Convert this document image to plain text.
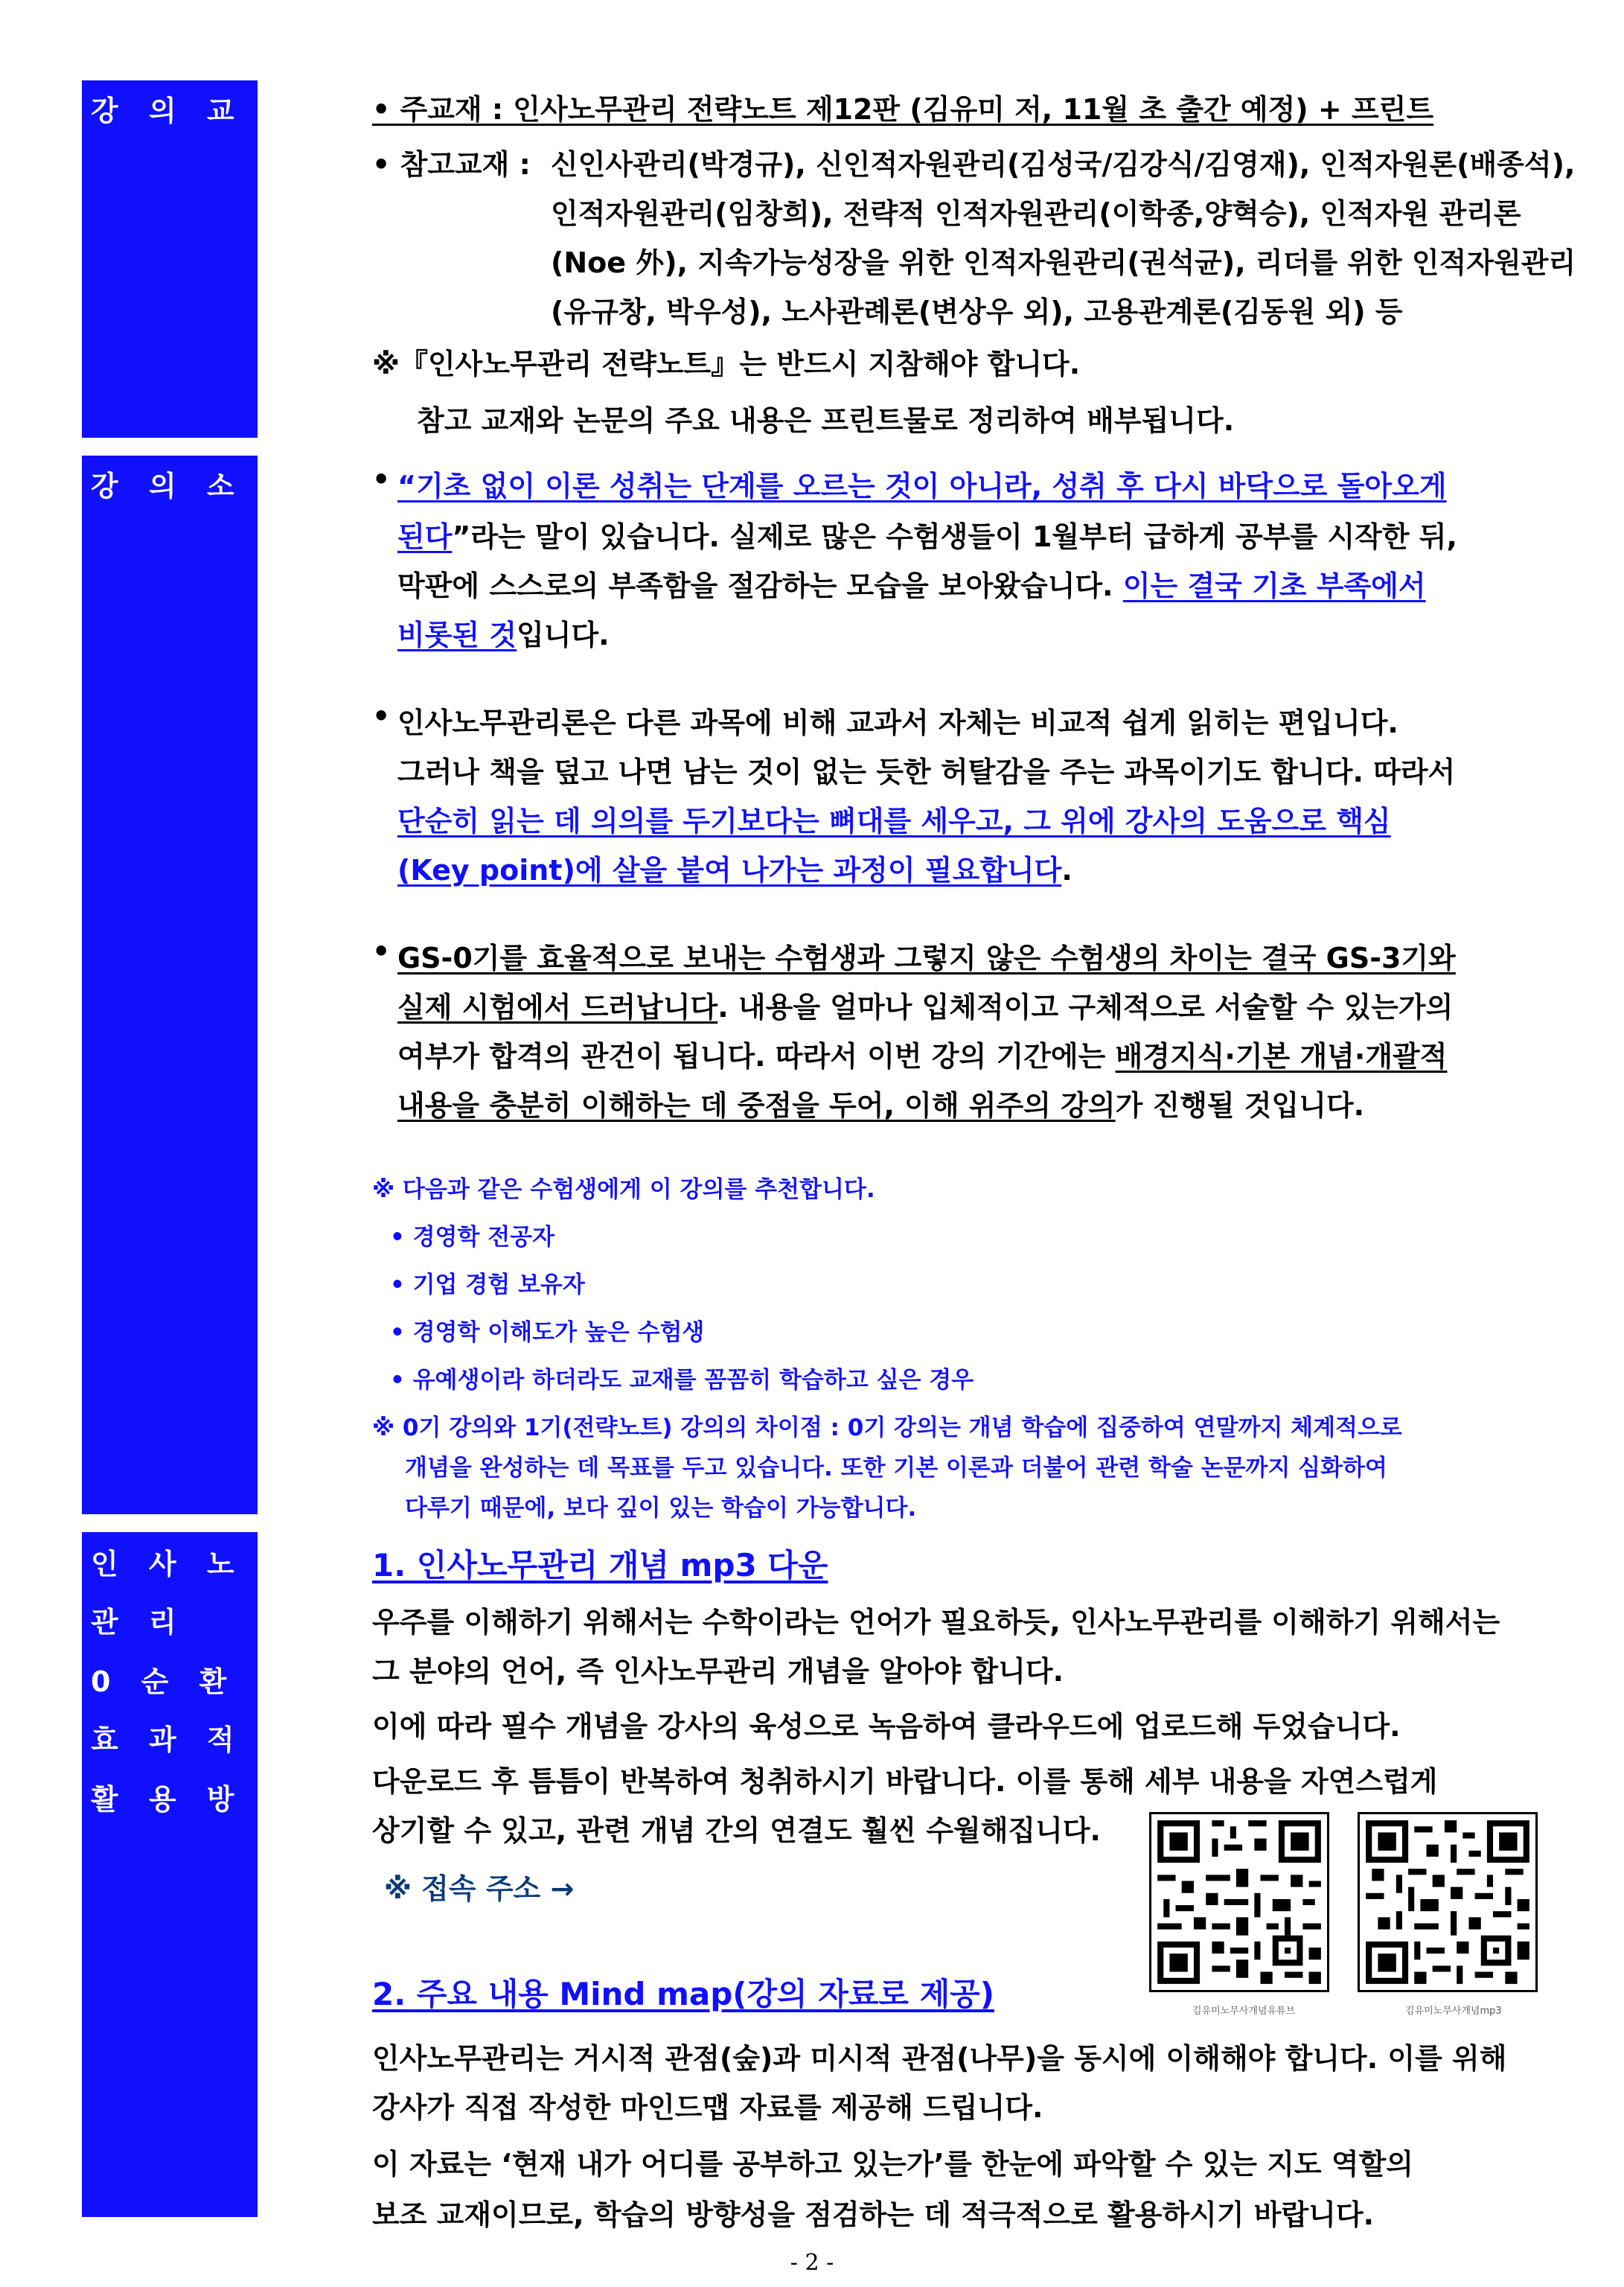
강 의 교 재
강 의 소 개
인 사 노 무
관 리
0 순 환 의
효 과 적 인
활 용 방 법
• 주교재 : 인사노무관리 전략노트 제12판 (김유미 저, 11월 초 출간 예정) + 프린트
• 참고교재 : 신인사관리(박경규), 신인적자원관리(김성국/김강식/김영재), 인적자원론(배종석),
인적자원관리(임창희), 전략적 인적자원관리(이학종,양혁승), 인적자원 관리론
(Noe 外), 지속가능성장을 위한 인적자원관리(권석균), 리더를 위한 인적자원관리
(유규창, 박우성), 노사관례론(변상우 외), 고용관계론(김동원 외) 등
※『인사노무관리 전략노트』는 반드시 지참해야 합니다.
참고 교재와 논문의 주요 내용은 프린트물로 정리하여 배부됩니다.
• “기초 없이 이론 성취는 단계를 오르는 것이 아니라, 성취 후 다시 바닥으로 돌아오게
된다”라는 말이 있습니다. 실제로 많은 수험생들이 1월부터 급하게 공부를 시작한 뒤,
막판에 스스로의 부족함을 절감하는 모습을 보아왔습니다. 이는 결국 기초 부족에서
비롯된 것입니다.
• 인사노무관리론은 다른 과목에 비해 교과서 자체는 비교적 쉽게 읽히는 편입니다.
그러나 책을 덮고 나면 남는 것이 없는 듯한 허탈감을 주는 과목이기도 합니다. 따라서
단순히 읽는 데 의의를 두기보다는 뼈대를 세우고, 그 위에 강사의 도움으로 핵심
(Key point)에 살을 붙여 나가는 과정이 필요합니다.
• GS-0기를 효율적으로 보내는 수험생과 그렇지 않은 수험생의 차이는 결국 GS-3기와
실제 시험에서 드러납니다. 내용을 얼마나 입체적이고 구체적으로 서술할 수 있는가의
여부가 합격의 관건이 됩니다. 따라서 이번 강의 기간에는 배경지식·기본 개념·개괄적
내용을 충분히 이해하는 데 중점을 두어, 이해 위주의 강의가 진행될 것입니다.
※ 다음과 같은 수험생에게 이 강의를 추천합니다.
• 경영학 전공자
• 기업 경험 보유자
• 경영학 이해도가 높은 수험생
• 유예생이라 하더라도 교재를 꼼꼼히 학습하고 싶은 경우
※ 0기 강의와 1기(전략노트) 강의의 차이점 : 0기 강의는 개념 학습에 집중하여 연말까지 체계적으로
개념을 완성하는 데 목표를 두고 있습니다. 또한 기본 이론과 더불어 관련 학술 논문까지 심화하여
다루기 때문에, 보다 깊이 있는 학습이 가능합니다.
1. 인사노무관리 개념 mp3 다운
우주를 이해하기 위해서는 수학이라는 언어가 필요하듯, 인사노무관리를 이해하기 위해서는
그 분야의 언어, 즉 인사노무관리 개념을 알아야 합니다.
이에 따라 필수 개념을 강사의 육성으로 녹음하여 클라우드에 업로드해 두었습니다.
다운로드 후 틈틈이 반복하여 청취하시기 바랍니다. 이를 통해 세부 내용을 자연스럽게
상기할 수 있고, 관련 개념 간의 연결도 훨씬 수월해집니다.
※ 접속 주소 →
김유미노무사개념유튜브	김유미노무사개념mp3
2. 주요 내용 Mind map(강의 자료로 제공)
인사노무관리는 거시적 관점(숲)과 미시적 관점(나무)을 동시에 이해해야 합니다. 이를 위해
강사가 직접 작성한 마인드맵 자료를 제공해 드립니다.
이 자료는 ‘현재 내가 어디를 공부하고 있는가’를 한눈에 파악할 수 있는 지도 역할의
보조 교재이므로, 학습의 방향성을 점검하는 데 적극적으로 활용하시기 바랍니다.
- 2 -
